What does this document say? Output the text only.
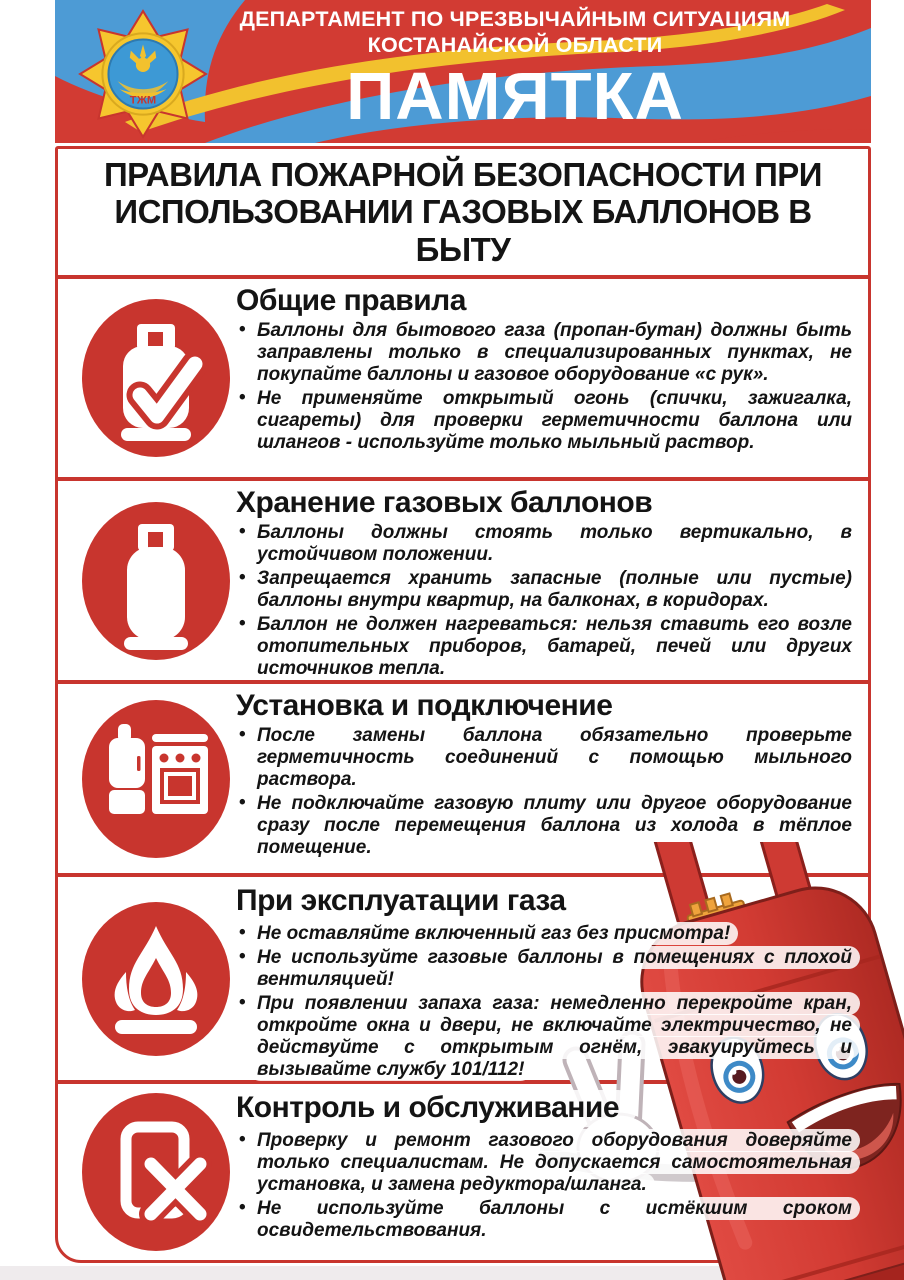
ТЖМ
ДЕПАРТАМЕНТ ПО ЧРЕЗВЫЧАЙНЫМ СИТУАЦИЯМ
КОСТАНАЙСКОЙ ОБЛАСТИ
ПАМЯТКА
ПРАВИЛА ПОЖАРНОЙ БЕЗОПАСНОСТИ ПРИ ИСПОЛЬЗОВАНИИ ГАЗОВЫХ БАЛЛОНОВ В БЫТУ
Общие правила
• Баллоны для бытового газа (пропан-бутан) должны быть заправлены только в специализированных пунктах, не покупайте баллоны и газовое оборудование «с рук».
• Не применяйте открытый огонь (спички, зажигалка, сигареты) для проверки герметичности баллона или шлангов - используйте только мыльный раствор.
Хранение газовых баллонов
• Баллоны должны стоять только вертикально, в устойчивом положении.
• Запрещается хранить запасные (полные или пустые) баллоны внутри квартир, на балконах, в коридорах.
• Баллон не должен нагреваться: нельзя ставить его возле отопительных приборов, батарей, печей или других источников тепла.
Установка и подключение
• После замены баллона обязательно проверьте герметичность соединений с помощью мыльного раствора.
• Не подключайте газовую плиту или другое оборудование сразу после перемещения баллона из холода в тёплое помещение.
При эксплуатации газа
• Не оставляйте включенный газ без присмотра!
• Не используйте газовые баллоны в помещениях с плохой вентиляцией!
• При появлении запаха газа: немедленно перекройте кран, откройте окна и двери, не включайте электричество, не действуйте с открытым огнём, эвакуируйтесь и вызывайте службу 101/112!
Контроль и обслуживание
• Проверку и ремонт газового оборудования доверяйте только специалистам. Не допускается самостоятельная установка, и замена редуктора/шланга.
• Не используйте баллоны с истёкшим сроком освидетельствования.
